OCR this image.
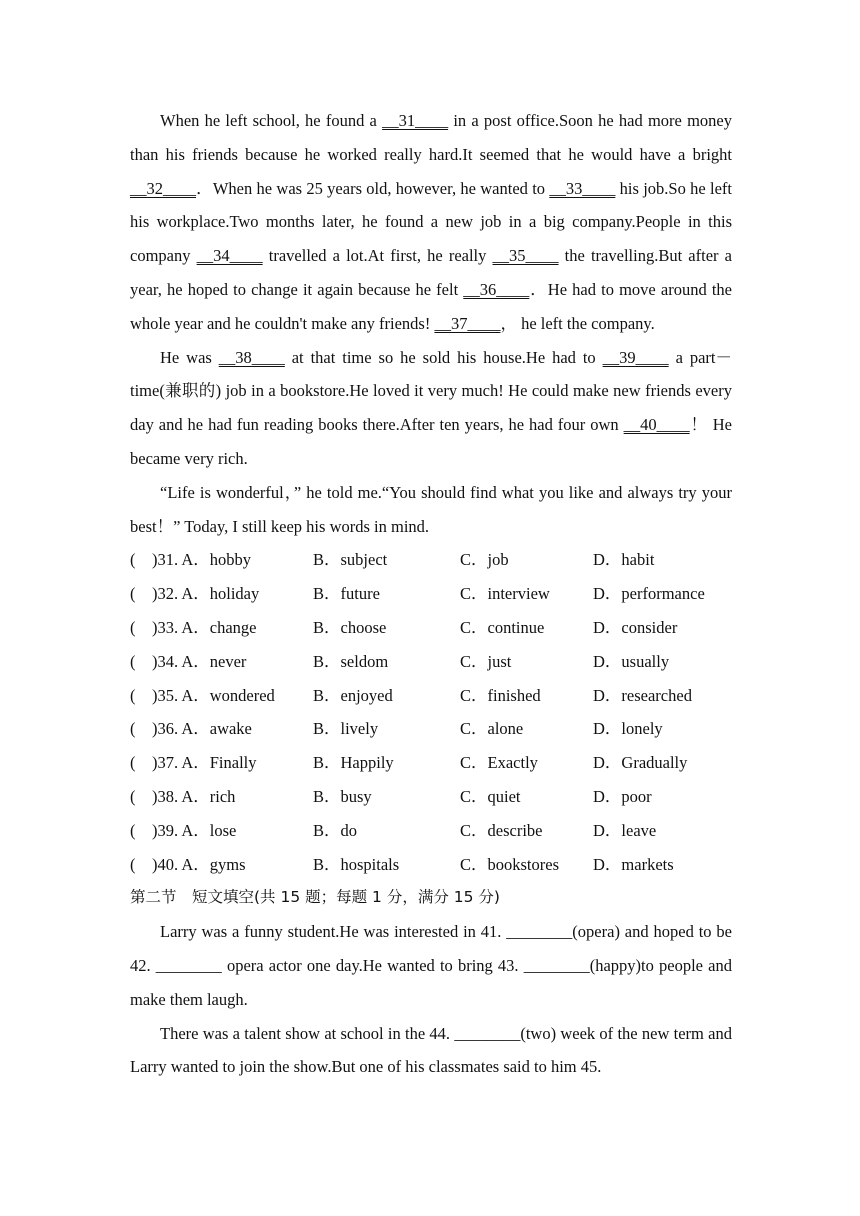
When he left school, he found a __31____ in a post office.Soon he had more money than his friends because he worked really hard.It seemed that he would have a bright __32____．When he was 25 years old, however, he wanted to __33____ his job.So he left his workplace.Two months later, he found a new job in a big company.People in this company __34____ travelled a lot.At first, he really __35____ the travelling.But after a year, he hoped to change it again because he felt __36____．He had to move around the whole year and he couldn't make any friends! __37____， he left the company.

He was __38____ at that time so he sold his house.He had to __39____ a part－time(兼职的) job in a bookstore.He loved it very much! He could make new friends every day and he had fun reading books there.After ten years, he had four own __40____！ He became very rich.

“Life is wonderful，” he told me.“You should find what you like and always try your best！” Today, I still keep his words in mind.

(　)31. A．hobby	B．subject	C．job	D．habit
(　)32. A．holiday	B．future	C．interview	D．performance
(　)33. A．change	B．choose	C．continue	D．consider
(　)34. A．never	B．seldom	C．just	D．usually
(　)35. A．wondered	B．enjoyed	C．finished	D．researched
(　)36. A．awake	B．lively	C．alone	D．lonely
(　)37. A．Finally	B．Happily	C．Exactly	D．Gradually
(　)38. A．rich	B．busy	C．quiet	D．poor
(　)39. A．lose	B．do	C．describe	D．leave
(　)40. A．gyms	B．hospitals	C．bookstores	D．markets

第二节　短文填空(共 15 题；每题 1 分，满分 15 分)

Larry was a funny student.He was interested in 41. ________(opera) and hoped to be 42. ________ opera actor one day.He wanted to bring 43. ________(happy)to people and make them laugh.

There was a talent show at school in the 44. ________(two) week of the new term and Larry wanted to join the show.But one of his classmates said to him 45.
